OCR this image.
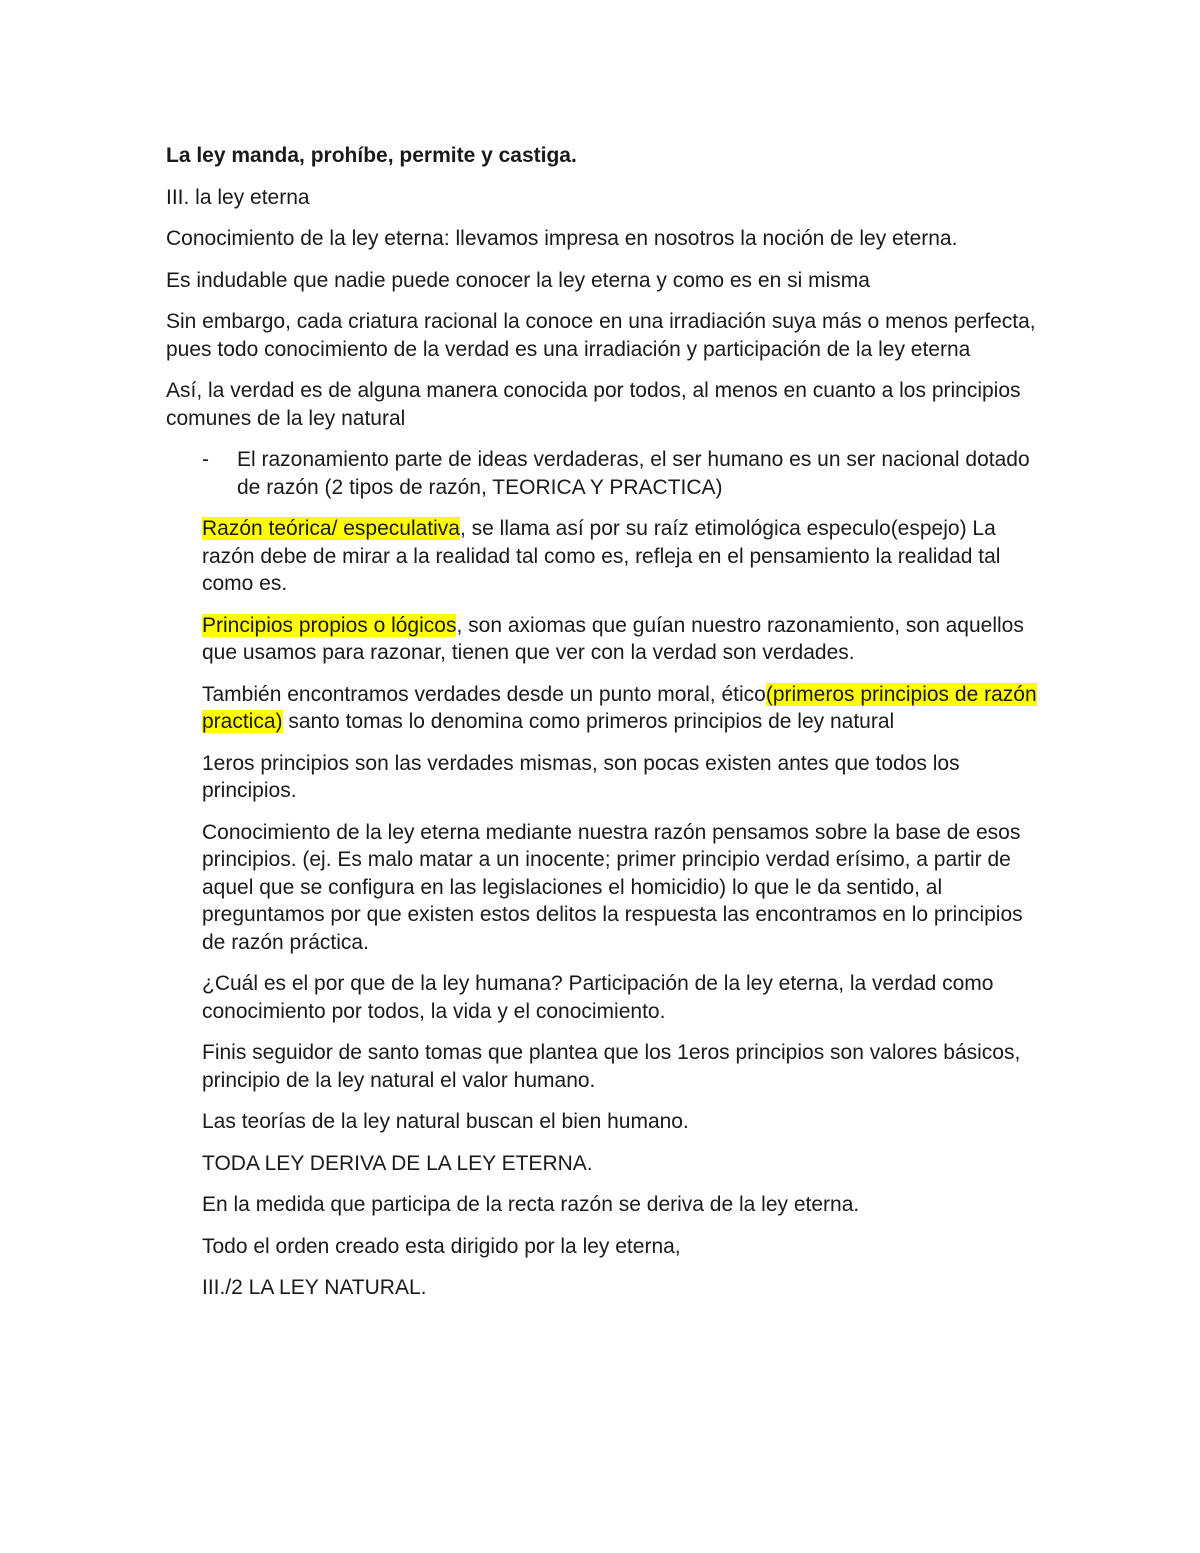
La ley manda, prohíbe, permite y castiga.

III. la ley eterna

Conocimiento de la ley eterna: llevamos impresa en nosotros la noción de ley eterna.

Es indudable que nadie puede conocer la ley eterna y como es en si misma

Sin embargo, cada criatura racional la conoce en una irradiación suya más o menos perfecta, pues todo conocimiento de la verdad es una irradiación y participación de la ley eterna

Así, la verdad es de alguna manera conocida por todos, al menos en cuanto a los principios comunes de la ley natural

-	El razonamiento parte de ideas verdaderas, el ser humano es un ser nacional dotado de razón (2 tipos de razón, TEORICA Y PRACTICA)

Razón teórica/ especulativa, se llama así por su raíz etimológica especulo(espejo) La razón debe de mirar a la realidad tal como es, refleja en el pensamiento la realidad tal como es.

Principios propios o lógicos, son axiomas que guían nuestro razonamiento, son aquellos que usamos para razonar, tienen que ver con la verdad son verdades.

También encontramos verdades desde un punto moral, ético(primeros principios de razón practica) santo tomas lo denomina como primeros principios de ley natural

1eros principios son las verdades mismas, son pocas existen antes que todos los principios.

Conocimiento de la ley eterna mediante nuestra razón pensamos sobre la base de esos principios. (ej. Es malo matar a un inocente; primer principio verdad erísimo, a partir de aquel que se configura en las legislaciones el homicidio) lo que le da sentido, al preguntamos por que existen estos delitos la respuesta las encontramos en lo principios de razón práctica.

¿Cuál es el por que de la ley humana? Participación de la ley eterna, la verdad como conocimiento por todos, la vida y el conocimiento.

Finis seguidor de santo tomas que plantea que los 1eros principios son valores básicos, principio de la ley natural el valor humano.

Las teorías de la ley natural buscan el bien humano.

TODA LEY DERIVA DE LA LEY ETERNA.

En la medida que participa de la recta razón se deriva de la ley eterna.

Todo el orden creado esta dirigido por la ley eterna,

III./2 LA LEY NATURAL.
